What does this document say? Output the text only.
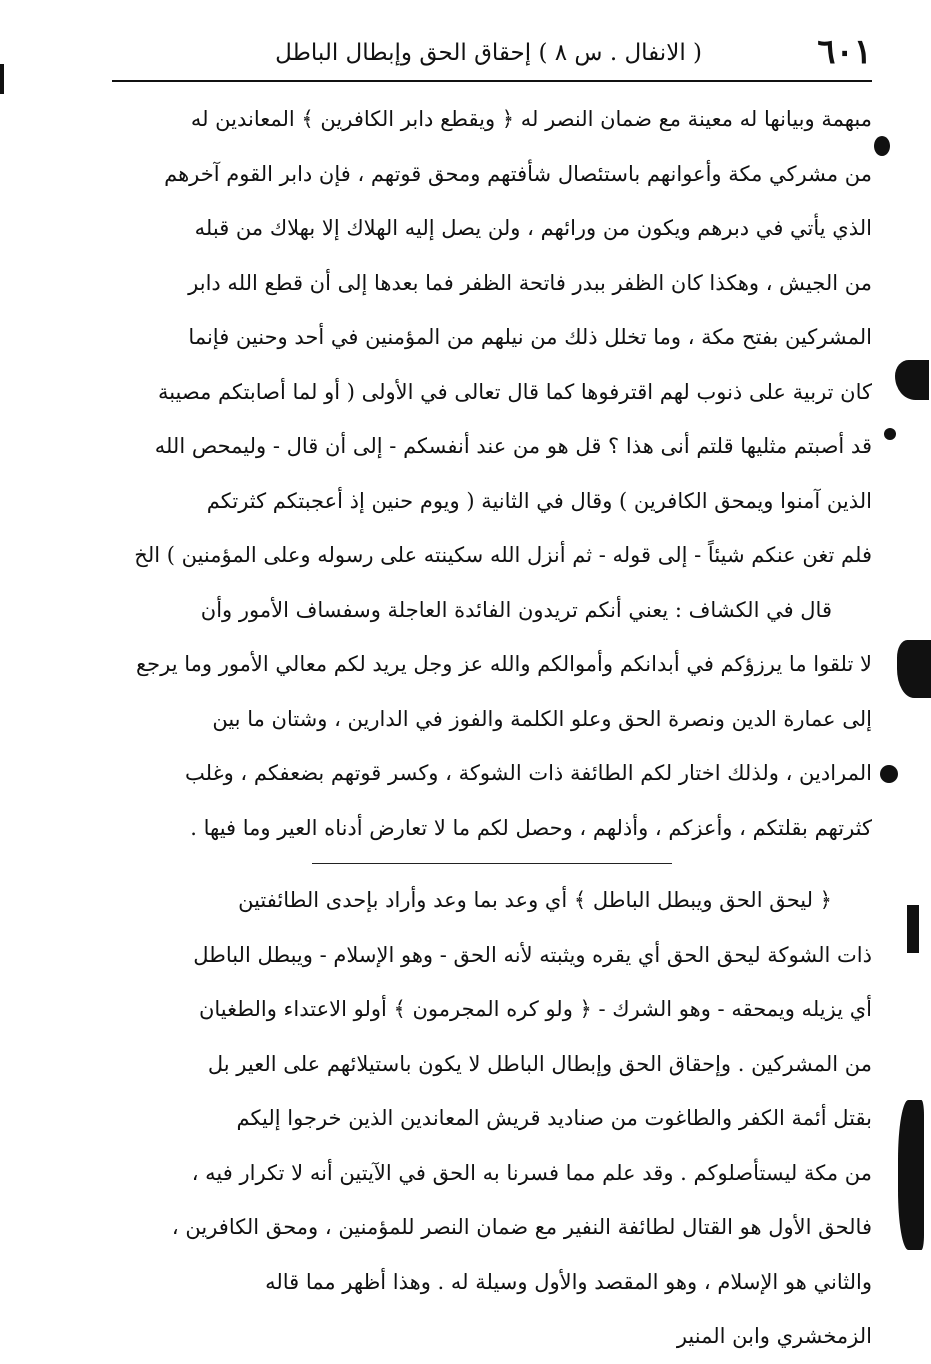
٦٠١
( الانفال . س ٨ ) إحقاق الحق وإبطال الباطل
مبهمة وبيانها له معينة مع ضمان النصر له ﴿ ويقطع دابر الكافرين ﴾ المعاندين له
من مشركي مكة وأعوانهم باستئصال شأفتهم ومحق قوتهم ، فإن دابر القوم آخرهم
الذي يأتي في دبرهم ويكون من ورائهم ، ولن يصل إليه الهلاك إلا بهلاك من قبله
من الجيش ، وهكذا كان الظفر ببدر فاتحة الظفر فما بعدها إلى أن قطع الله دابر
المشركين بفتح مكة ، وما تخلل ذلك من نيلهم من المؤمنين في أحد وحنين فإنما
كان تربية على ذنوب لهم اقترفوها كما قال تعالى في الأولى ( أو لما أصابتكم مصيبة
قد أصبتم مثليها قلتم أنى هذا ؟ قل هو من عند أنفسكم - إلى أن قال - وليمحص الله
الذين آمنوا ويمحق الكافرين ) وقال في الثانية ( ويوم حنين إذ أعجبتكم كثرتكم
فلم تغن عنكم شيئاً - إلى قوله - ثم أنزل الله سكينته على رسوله وعلى المؤمنين ) الخ
قال في الكشاف : يعني أنكم تريدون الفائدة العاجلة وسفساف الأمور وأن
لا تلقوا ما يرزؤكم في أبدانكم وأموالكم والله عز وجل يريد لكم معالي الأمور وما يرجع
إلى عمارة الدين ونصرة الحق وعلو الكلمة والفوز في الدارين ، وشتان ما بين
المرادين ، ولذلك اختار لكم الطائفة ذات الشوكة ، وكسر قوتهم بضعفكم ، وغلب
كثرتهم بقلتكم ، وأعزكم ، وأذلهم ، وحصل لكم ما لا تعارض أدناه العير وما فيها .
﴿ ليحق الحق ويبطل الباطل ﴾ أي وعد بما وعد وأراد بإحدى الطائفتين
ذات الشوكة ليحق الحق أي يقره ويثبته لأنه الحق - وهو الإسلام - ويبطل الباطل
أي يزيله ويمحقه - وهو الشرك - ﴿ ولو كره المجرمون ﴾ أولو الاعتداء والطغيان
من المشركين . وإحقاق الحق وإبطال الباطل لا يكون باستيلائهم على العير بل
بقتل أئمة الكفر والطاغوت من صناديد قريش المعاندين الذين خرجوا إليكم
من مكة ليستأصلوكم . وقد علم مما فسرنا به الحق في الآيتين أنه لا تكرار فيه ،
فالحق الأول هو القتال لطائفة النفير مع ضمان النصر للمؤمنين ، ومحق الكافرين ،
والثاني هو الإسلام ، وهو المقصد والأول وسيلة له . وهذا أظهر مما قاله
الزمخشري وابن المنير
